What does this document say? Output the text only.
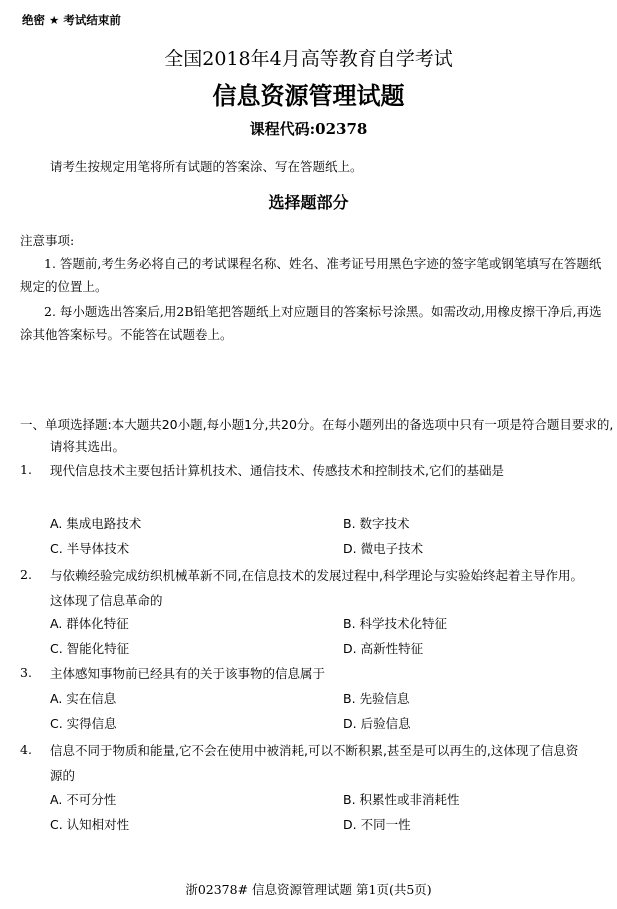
绝密 ★ 考试结束前
全国2018年4月高等教育自学考试
信息资源管理试题
课程代码:02378
请考生按规定用笔将所有试题的答案涂、写在答题纸上。
选择题部分
注意事项:
1. 答题前,考生务必将自己的考试课程名称、姓名、准考证号用黑色字迹的签字笔或钢笔填写在答题纸规定的位置上。
2. 每小题选出答案后,用2B铅笔把答题纸上对应题目的答案标号涂黑。如需改动,用橡皮擦干净后,再选涂其他答案标号。不能答在试题卷上。
一、单项选择题:本大题共20小题,每小题1分,共20分。在每小题列出的备选项中只有一项是符合题目要求的,请将其选出。
1. 现代信息技术主要包括计算机技术、通信技术、传感技术和控制技术,它们的基础是
A. 集成电路技术	B. 数字技术
C. 半导体技术	D. 微电子技术
2. 与依赖经验完成纺织机械革新不同,在信息技术的发展过程中,科学理论与实验始终起着主导作用。这体现了信息革命的
A. 群体化特征	B. 科学技术化特征
C. 智能化特征	D. 高新性特征
3. 主体感知事物前已经具有的关于该事物的信息属于
A. 实在信息	B. 先验信息
C. 实得信息	D. 后验信息
4. 信息不同于物质和能量,它不会在使用中被消耗,可以不断积累,甚至是可以再生的,这体现了信息资源的
A. 不可分性	B. 积累性或非消耗性
C. 认知相对性	D. 不同一性
浙02378# 信息资源管理试题 第1页(共5页)
